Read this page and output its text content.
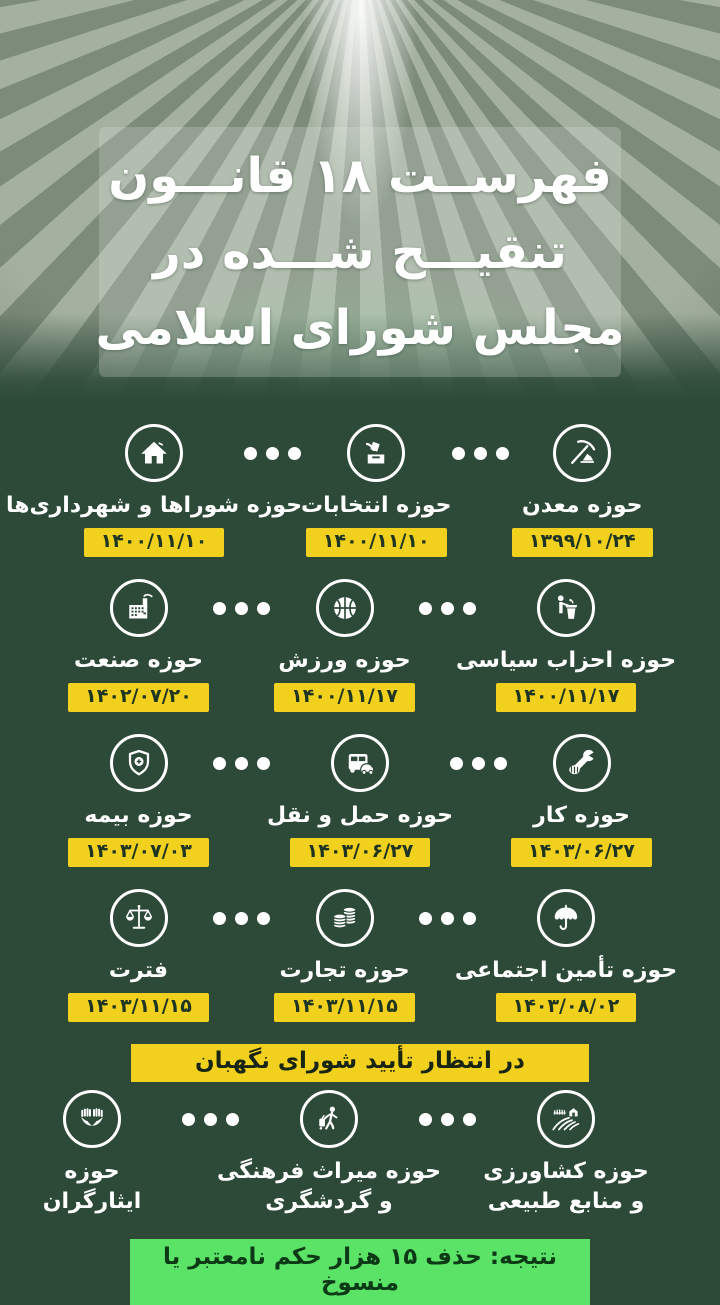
فهرســت ۱۸ قانـــون
تنقیـــح شـــده در
مجلس شورای اسلامی
حوزه معدن
۱۳۹۹/۱۰/۲۴
حوزه انتخابات
۱۴۰۰/۱۱/۱۰
حوزه شوراها و شهرداری‌ها
۱۴۰۰/۱۱/۱۰
حوزه احزاب سیاسی
۱۴۰۰/۱۱/۱۷
حوزه ورزش
۱۴۰۰/۱۱/۱۷
حوزه صنعت
۱۴۰۲/۰۷/۲۰
حوزه کار
۱۴۰۳/۰۶/۲۷
حوزه حمل و نقل
۱۴۰۳/۰۶/۲۷
حوزه بیمه
۱۴۰۳/۰۷/۰۳
حوزه تأمین اجتماعی
۱۴۰۳/۰۸/۰۲
حوزه تجارت
۱۴۰۳/۱۱/۱۵
فترت
۱۴۰۳/۱۱/۱۵
در انتظار تأیید شورای نگهبان
حوزه کشاورزی
و منابع طبیعی
حوزه میراث فرهنگی
و گردشگری
حوزه
ایثارگران
نتیجه: حذف ۱۵ هزار حکم نامعتبر یا منسوخ
